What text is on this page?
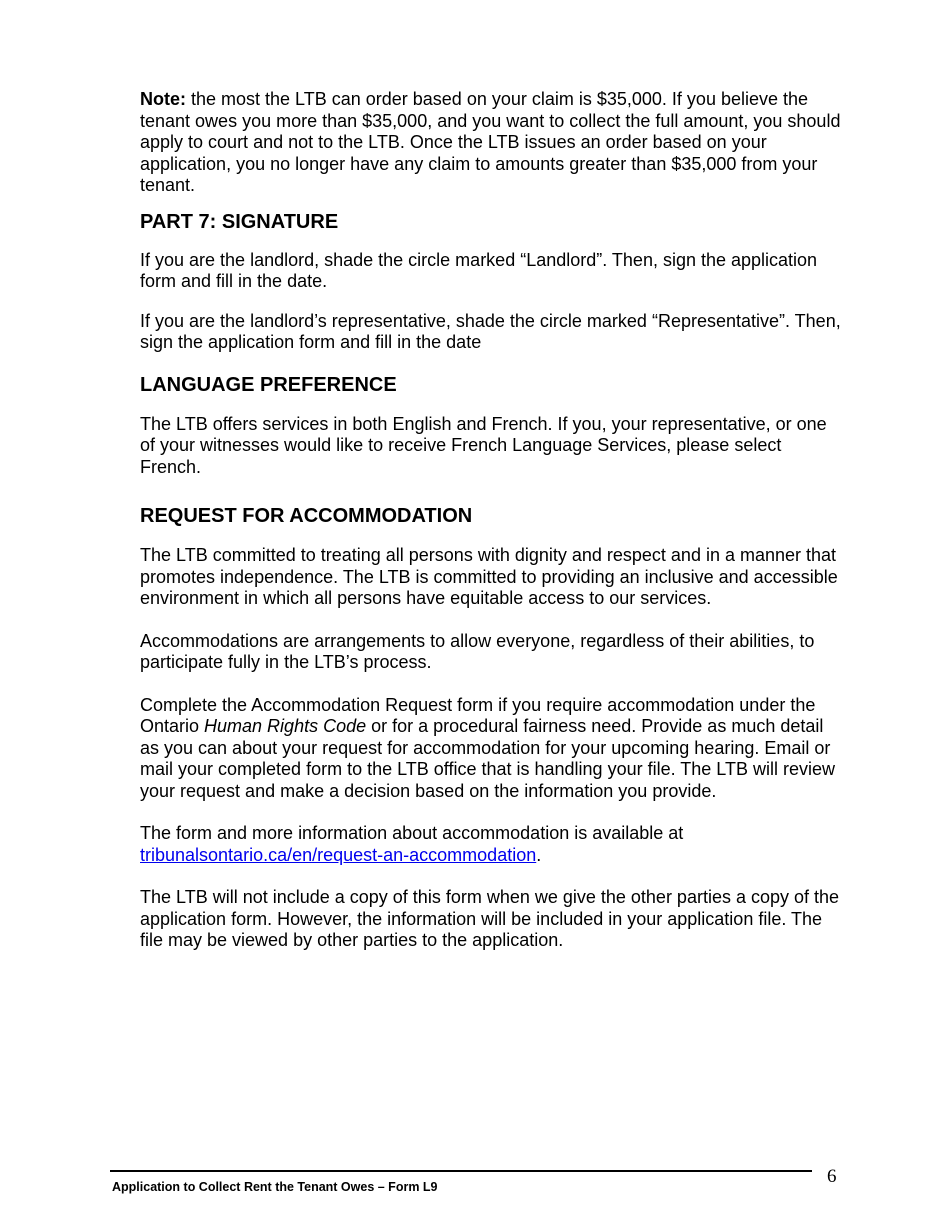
Note: the most the LTB can order based on your claim is $35,000. If you believe the tenant owes you more than $35,000, and you want to collect the full amount, you should apply to court and not to the LTB. Once the LTB issues an order based on your application, you no longer have any claim to amounts greater than $35,000 from your tenant.

PART 7: SIGNATURE

If you are the landlord, shade the circle marked “Landlord”. Then, sign the application form and fill in the date.

If you are the landlord’s representative, shade the circle marked “Representative”. Then, sign the application form and fill in the date

LANGUAGE PREFERENCE

The LTB offers services in both English and French. If you, your representative, or one of your witnesses would like to receive French Language Services, please select French.

REQUEST FOR ACCOMMODATION

The LTB committed to treating all persons with dignity and respect and in a manner that promotes independence. The LTB is committed to providing an inclusive and accessible environment in which all persons have equitable access to our services.

Accommodations are arrangements to allow everyone, regardless of their abilities, to participate fully in the LTB’s process.

Complete the Accommodation Request form if you require accommodation under the Ontario Human Rights Code or for a procedural fairness need. Provide as much detail as you can about your request for accommodation for your upcoming hearing. Email or mail your completed form to the LTB office that is handling your file. The LTB will review your request and make a decision based on the information you provide.

The form and more information about accommodation is available at tribunalsontario.ca/en/request-an-accommodation.

The LTB will not include a copy of this form when we give the other parties a copy of the application form. However, the information will be included in your application file. The file may be viewed by other parties to the application.

Application to Collect Rent the Tenant Owes – Form L9	6
